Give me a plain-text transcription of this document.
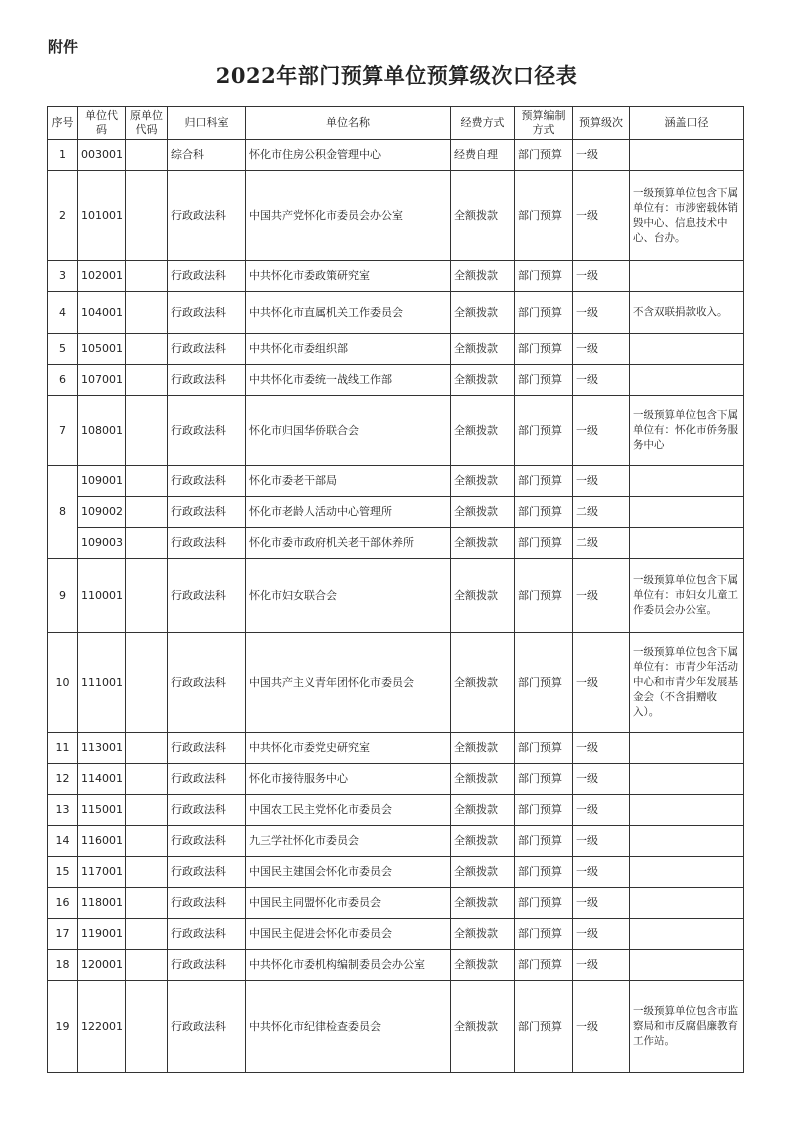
附件
2022年部门预算单位预算级次口径表
序号	单位代码	原单位代码	归口科室	单位名称	经费方式	预算编制方式	预算级次	涵盖口径
1	003001		综合科	怀化市住房公积金管理中心	经费自理	部门预算	一级	
2	101001		行政政法科	中国共产党怀化市委员会办公室	全额拨款	部门预算	一级	一级预算单位包含下属单位有：市涉密载体销毁中心、信息技术中心、台办。
3	102001		行政政法科	中共怀化市委政策研究室	全额拨款	部门预算	一级	
4	104001		行政政法科	中共怀化市直属机关工作委员会	全额拨款	部门预算	一级	不含双联捐款收入。
5	105001		行政政法科	中共怀化市委组织部	全额拨款	部门预算	一级	
6	107001		行政政法科	中共怀化市委统一战线工作部	全额拨款	部门预算	一级	
7	108001		行政政法科	怀化市归国华侨联合会	全额拨款	部门预算	一级	一级预算单位包含下属单位有：怀化市侨务服务中心
8	109001		行政政法科	怀化市委老干部局	全额拨款	部门预算	一级	
	109002		行政政法科	怀化市老龄人活动中心管理所	全额拨款	部门预算	二级	
	109003		行政政法科	怀化市委市政府机关老干部休养所	全额拨款	部门预算	二级	
9	110001		行政政法科	怀化市妇女联合会	全额拨款	部门预算	一级	一级预算单位包含下属单位有：市妇女儿童工作委员会办公室。
10	111001		行政政法科	中国共产主义青年团怀化市委员会	全额拨款	部门预算	一级	一级预算单位包含下属单位有：市青少年活动中心和市青少年发展基金会（不含捐赠收入）。
11	113001		行政政法科	中共怀化市委党史研究室	全额拨款	部门预算	一级	
12	114001		行政政法科	怀化市接待服务中心	全额拨款	部门预算	一级	
13	115001		行政政法科	中国农工民主党怀化市委员会	全额拨款	部门预算	一级	
14	116001		行政政法科	九三学社怀化市委员会	全额拨款	部门预算	一级	
15	117001		行政政法科	中国民主建国会怀化市委员会	全额拨款	部门预算	一级	
16	118001		行政政法科	中国民主同盟怀化市委员会	全额拨款	部门预算	一级	
17	119001		行政政法科	中国民主促进会怀化市委员会	全额拨款	部门预算	一级	
18	120001		行政政法科	中共怀化市委机构编制委员会办公室	全额拨款	部门预算	一级	
19	122001		行政政法科	中共怀化市纪律检查委员会	全额拨款	部门预算	一级	一级预算单位包含市监察局和市反腐倡廉教育工作站。
